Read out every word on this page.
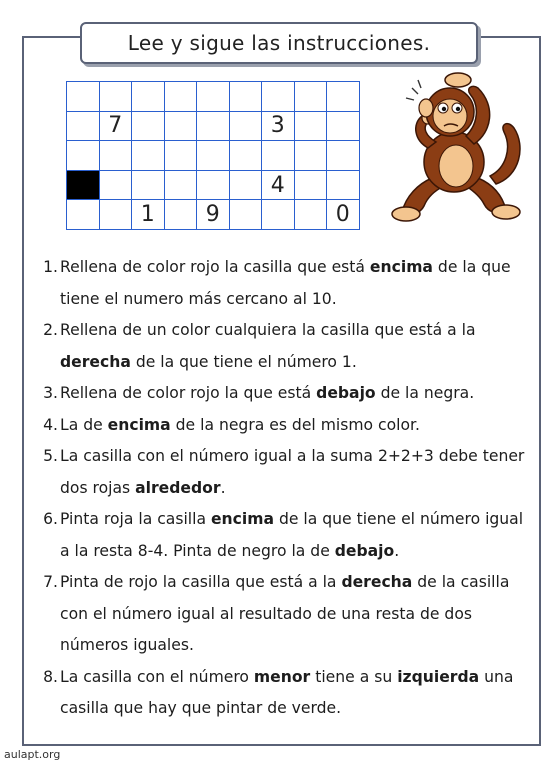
Lee y sigue las instrucciones.

	7					3		

						4		
		1		9				0
1. Rellena de color rojo la casilla que está encima de la que tiene el numero más cercano al 10.
2. Rellena de un color cualquiera la casilla que está a la derecha de la que tiene el número 1.
3. Rellena de color rojo la que está debajo de la negra.
4. La de encima de la negra es del mismo color.
5. La casilla con el número igual a la suma 2+2+3 debe tener dos rojas alrededor.
6. Pinta roja la casilla encima de la que tiene el número igual a la resta 8-4. Pinta de negro la de debajo.
7. Pinta de rojo la casilla que está a la derecha de la casilla con el número igual al resultado de una resta de dos números iguales.
8. La casilla con el número menor tiene a su izquierda una casilla que hay que pintar de verde.
aulapt.org
